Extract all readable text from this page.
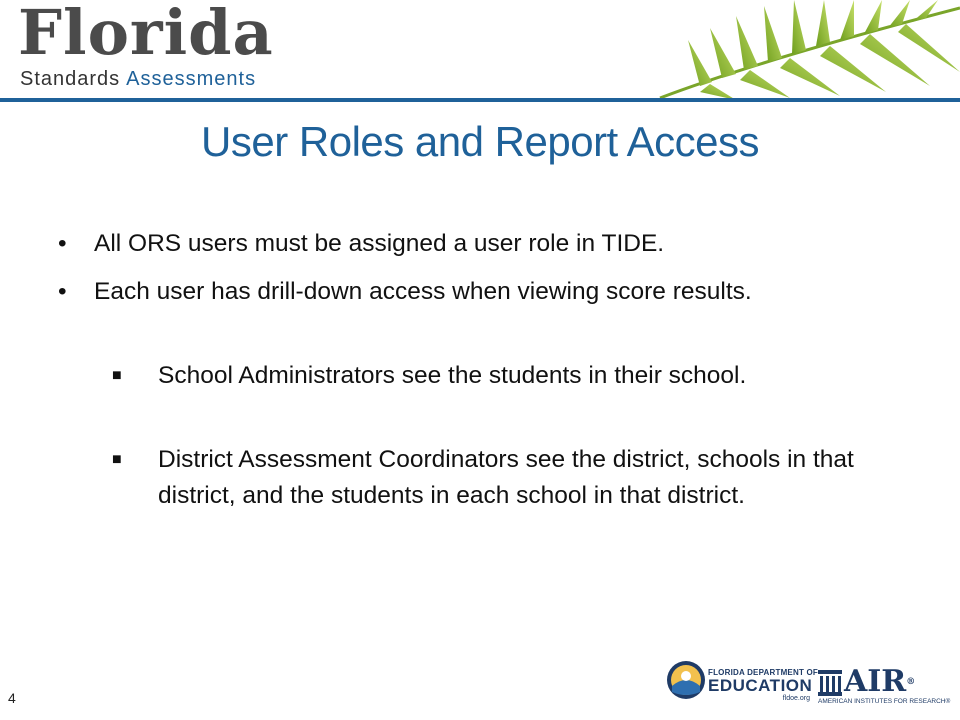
Florida
Standards Assessments
User Roles and Report Access
• All ORS users must be assigned a user role in TIDE.
• Each user has drill-down access when viewing score results.
■ School Administrators see the students in their school.
■ District Assessment Coordinators see the district, schools in that district, and the students in each school in that district.
4
FLORIDA DEPARTMENT OF
EDUCATION
fldoe.org AIR®
AMERICAN INSTITUTES FOR RESEARCH®
